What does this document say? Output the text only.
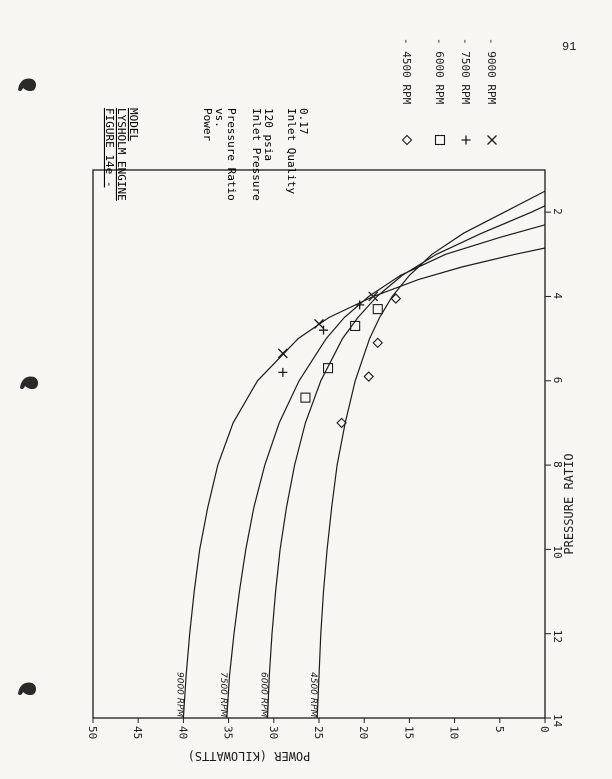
0
5
10
15
20
25
30
35
40
45
50
POWER (KILOWATTS)
2
4
6
8
10
12
14
PRESSURE RATIO
9000 RPM	7500 RPM	6000 RPM	4500 RPM
FIGURE 14e - LYSHOLM ENGINE MODEL	Power vs. Pressure Ratio Inlet Pressure 120 psia Inlet Quality 0.17
- 4500 RPM - 6000 RPM - 7500 RPM - 9000 RPM	91
